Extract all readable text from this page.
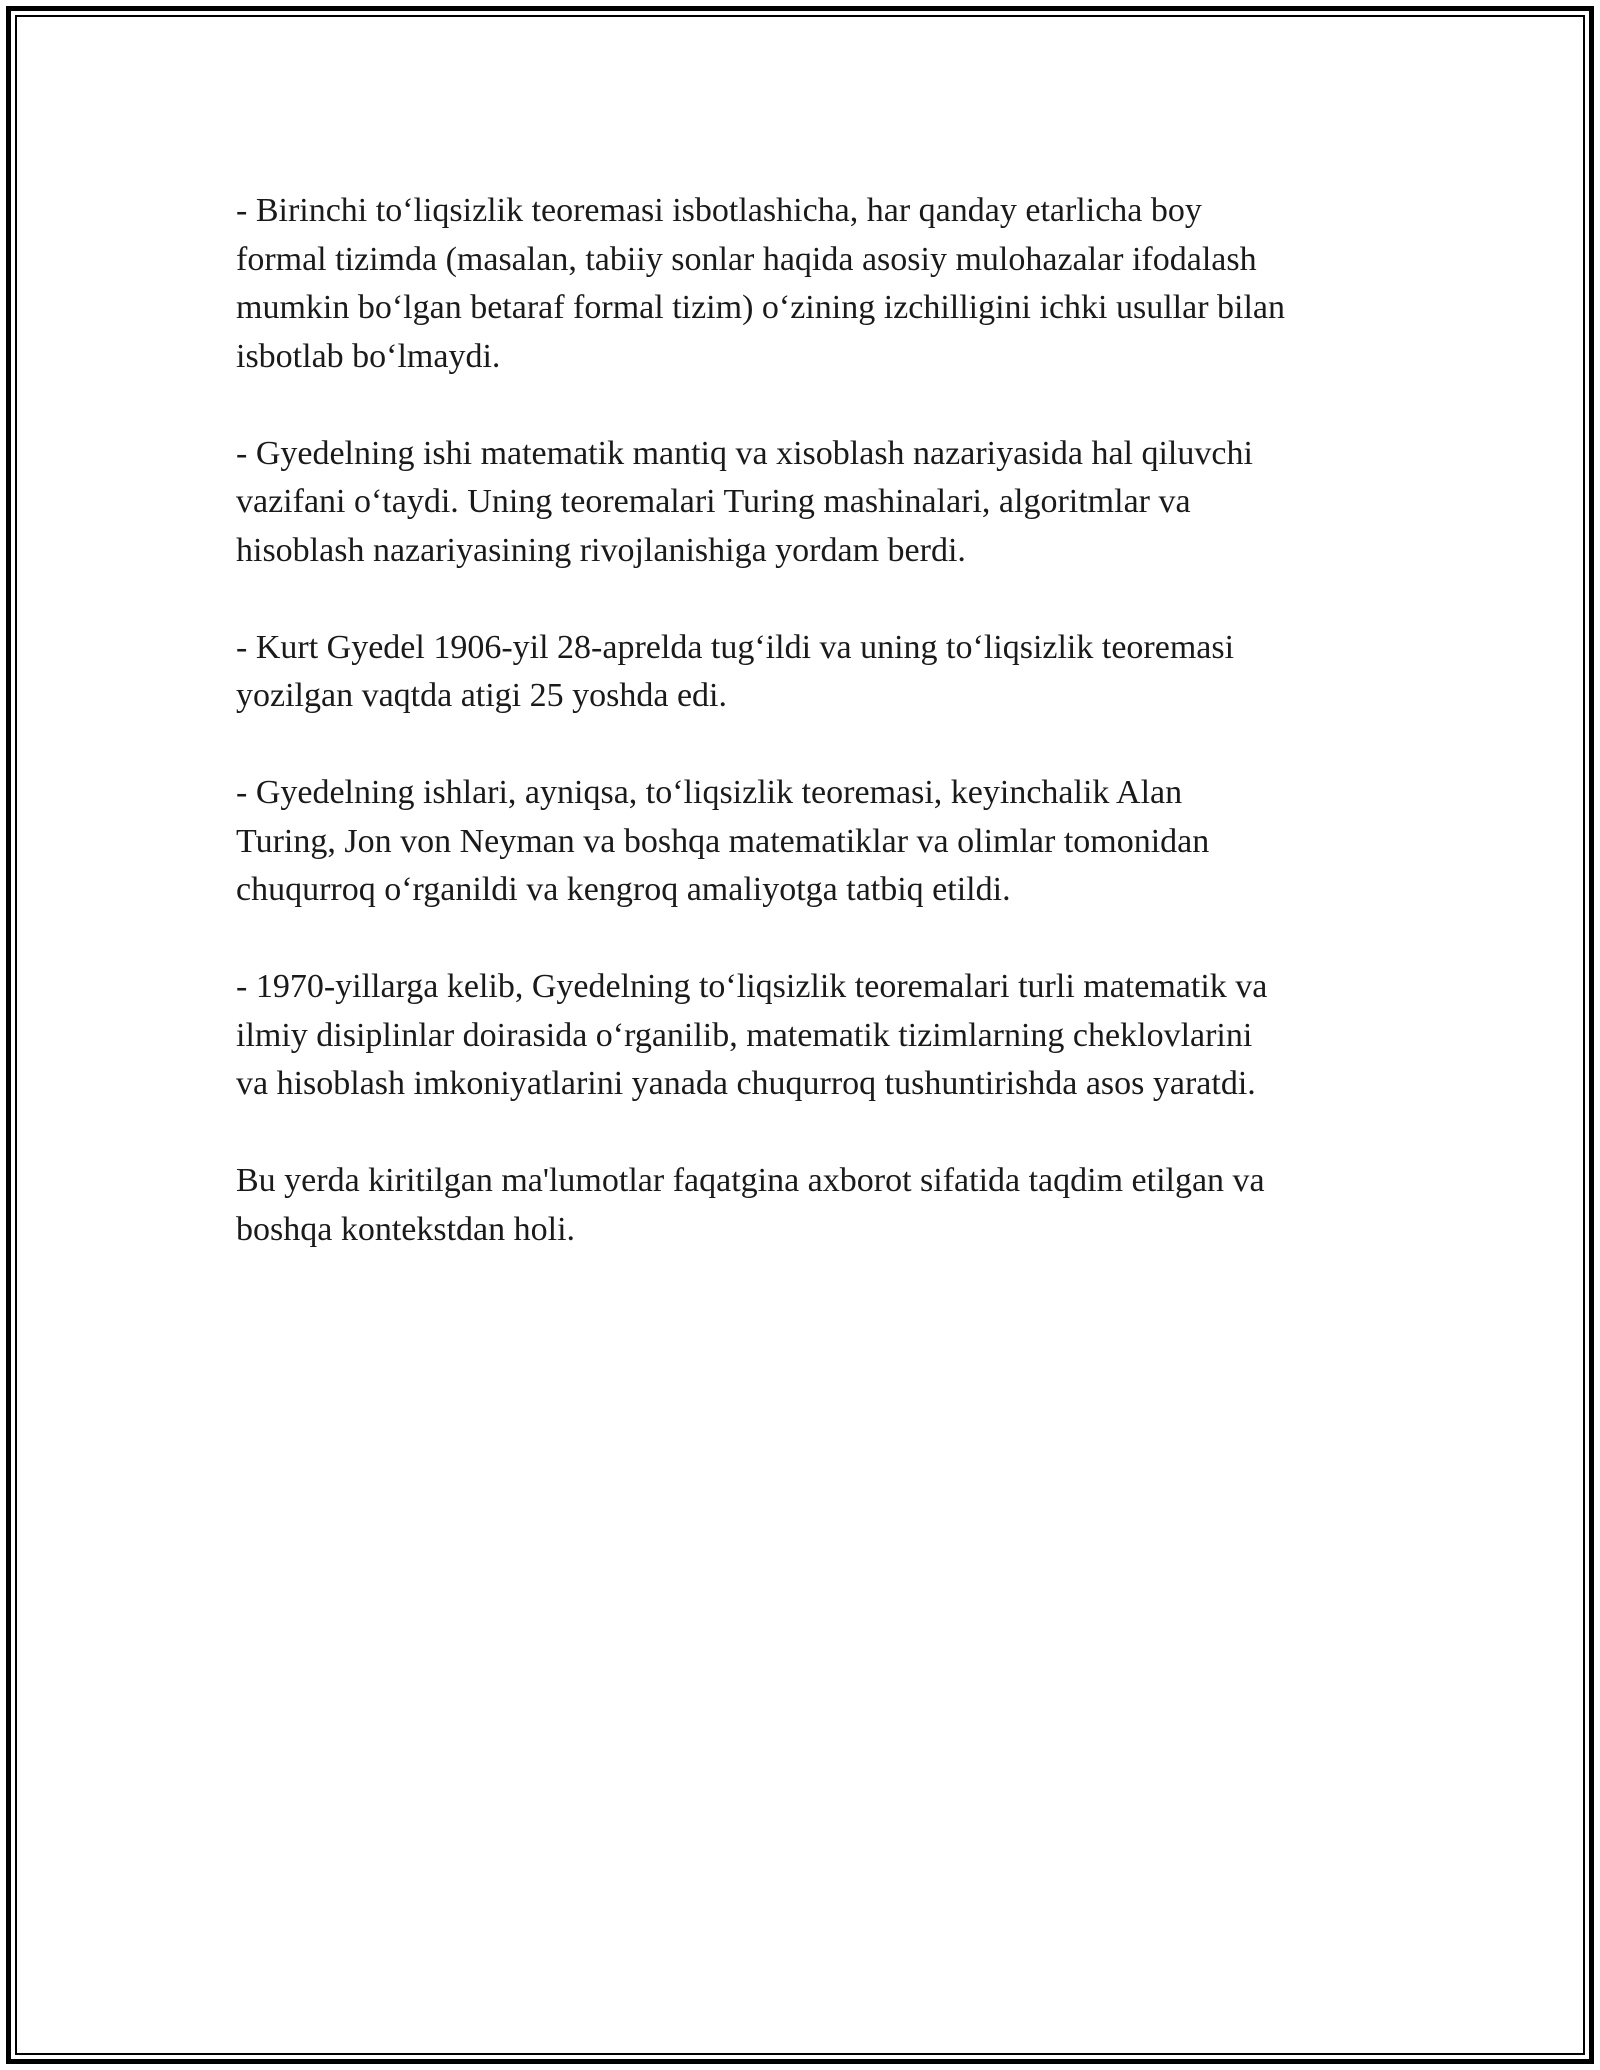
- Birinchi to‘liqsizlik teoremasi isbotlashicha, har qanday etarlicha boy
formal tizimda (masalan, tabiiy sonlar haqida asosiy mulohazalar ifodalash
mumkin bo‘lgan betaraf formal tizim) o‘zining izchilligini ichki usullar bilan
isbotlab bo‘lmaydi.

- Gyedelning ishi matematik mantiq va xisoblash nazariyasida hal qiluvchi
vazifani o‘taydi. Uning teoremalari Turing mashinalari, algoritmlar va
hisoblash nazariyasining rivojlanishiga yordam berdi.

- Kurt Gyedel 1906-yil 28-aprelda tug‘ildi va uning to‘liqsizlik teoremasi
yozilgan vaqtda atigi 25 yoshda edi.

- Gyedelning ishlari, ayniqsa, to‘liqsizlik teoremasi, keyinchalik Alan
Turing, Jon von Neyman va boshqa matematiklar va olimlar tomonidan
chuqurroq o‘rganildi va kengroq amaliyotga tatbiq etildi.

- 1970-yillarga kelib, Gyedelning to‘liqsizlik teoremalari turli matematik va
ilmiy disiplinlar doirasida o‘rganilib, matematik tizimlarning cheklovlarini
va hisoblash imkoniyatlarini yanada chuqurroq tushuntirishda asos yaratdi.

Bu yerda kiritilgan ma'lumotlar faqatgina axborot sifatida taqdim etilgan va
boshqa kontekstdan holi.
